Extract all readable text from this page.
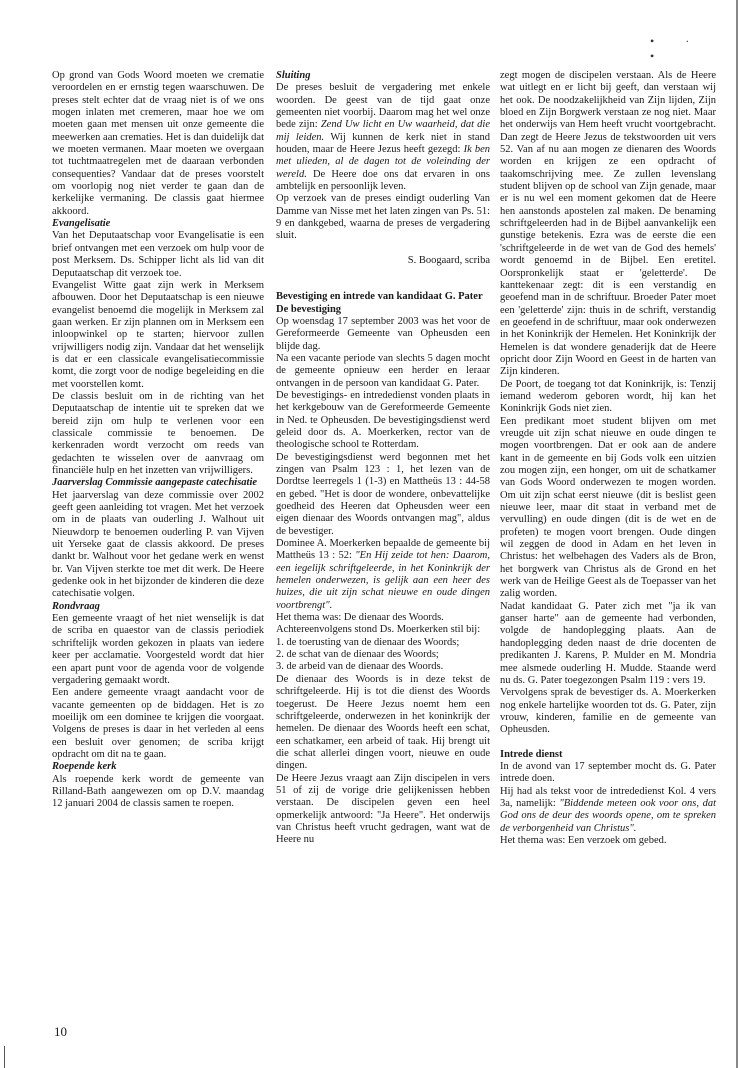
• · •

Op grond van Gods Woord moeten we crematie veroordelen en er ernstig tegen waarschuwen. De preses stelt echter dat de vraag niet is of we ons mogen inlaten met cremeren, maar hoe we om moeten gaan met mensen uit onze gemeente die meewerken aan crematies. Het is dan duidelijk dat we moeten vermanen. Maar moeten we overgaan tot tuchtmaatregelen met de daaraan verbonden consequenties? Vandaar dat de preses voorstelt om voorlopig nog niet verder te gaan dan de kerkelijke vermaning. De classis gaat hiermee akkoord.

Evangelisatie

Van het Deputaatschap voor Evangelisatie is een brief ontvangen met een verzoek om hulp voor de post Merksem. Ds. Schipper licht als lid van dit Deputaatschap dit verzoek toe.

Evangelist Witte gaat zijn werk in Merksem afbouwen. Door het Deputaatschap is een nieuwe evangelist benoemd die mogelijk in Merksem zal gaan werken. Er zijn plannen om in Merksem een inloopwinkel op te starten; hiervoor zullen vrijwilligers nodig zijn. Vandaar dat het wenselijk is dat er een classicale evangelisatiecommissie komt, die zorgt voor de nodige begeleiding en die met voorstellen komt.

De classis besluit om in de richting van het Deputaatschap de intentie uit te spreken dat we bereid zijn om hulp te verlenen voor een classicale commissie te benoemen. De kerkenraden wordt verzocht om reeds van gedachten te wisselen over de aanvraag om financiële hulp en het inzetten van vrijwilligers.

Jaarverslag Commissie aangepaste catechisatie

Het jaarverslag van deze commissie over 2002 geeft geen aanleiding tot vragen. Met het verzoek om in de plaats van ouderling J. Walhout uit Nieuwdorp te benoemen ouderling P. van Vijven uit Yerseke gaat de classis akkoord. De preses dankt br. Walhout voor het gedane werk en wenst br. Van Vijven sterkte toe met dit werk. De Heere gedenke ook in het bijzonder de kinderen die deze catechisatie volgen.

Rondvraag

Een gemeente vraagt of het niet wenselijk is dat de scriba en quaestor van de classis periodiek schriftelijk worden gekozen in plaats van iedere keer per acclamatie. Voorgesteld wordt dat hier een apart punt voor de agenda voor de volgende vergadering gemaakt wordt.

Een andere gemeente vraagt aandacht voor de vacante gemeenten op de biddagen. Het is zo moeilijk om een dominee te krijgen die voorgaat. Volgens de preses is daar in het verleden al eens een besluit over genomen; de scriba krijgt opdracht om dit na te gaan.

Roepende kerk

Als roepende kerk wordt de gemeente van Rilland-Bath aangewezen om op D.V. maandag 12 januari 2004 de classis samen te roepen.

Sluiting

De preses besluit de vergadering met enkele woorden. De geest van de tijd gaat onze gemeenten niet voorbij. Daarom mag het wel onze bede zijn: Zend Uw licht en Uw waarheid, dat die mij leiden. Wij kunnen de kerk niet in stand houden, maar de Heere Jezus heeft gezegd: Ik ben met ulieden, al de dagen tot de voleinding der wereld. De Heere doe ons dat ervaren in ons ambtelijk en persoonlijk leven.

Op verzoek van de preses eindigt ouderling Van Damme van Nisse met het laten zingen van Ps. 51: 9 en dankgebed, waarna de preses de vergadering sluit.

S. Boogaard, scriba

Bevestiging en intrede van kandidaat G. Pater

De bevestiging

Op woensdag 17 september 2003 was het voor de Gereformeerde Gemeente van Opheusden een blijde dag.

Na een vacante periode van slechts 5 dagen mocht de gemeente opnieuw een herder en leraar ontvangen in de persoon van kandidaat G. Pater.

De bevestigings- en intrededienst vonden plaats in het kerkgebouw van de Gereformeerde Gemeente in Ned. te Opheusden. De bevestigingsdienst werd geleid door ds. A. Moerkerken, rector van de theologische school te Rotterdam.

De bevestigingsdienst werd begonnen met het zingen van Psalm 123 : 1, het lezen van de Dordtse leerregels 1 (1-3) en Mattheüs 13 : 44-58 en gebed. "Het is door de wondere, onbevattelijke goedheid des Heeren dat Opheusden weer een eigen dienaar des Woords ontvangen mag", aldus de bevestiger.

Dominee A. Moerkerken bepaalde de gemeente bij Mattheüs 13 : 52: "En Hij zeide tot hen: Daarom, een iegelijk schriftgeleerde, in het Koninkrijk der hemelen onderwezen, is gelijk aan een heer des huizes, die uit zijn schat nieuwe en oude dingen voortbrengt".

Het thema was: De dienaar des Woords.

Achtereenvolgens stond Ds. Moerkerken stil bij:

1. de toerusting van de dienaar des Woords;

2. de schat van de dienaar des Woords;

3. de arbeid van de dienaar des Woords.

De dienaar des Woords is in deze tekst de schriftgeleerde. Hij is tot die dienst des Woords toegerust. De Heere Jezus noemt hem een schriftgeleerde, onderwezen in het koninkrijk der hemelen. De dienaar des Woords heeft een schat, een schatkamer, een arbeid of taak. Hij brengt uit die schat allerlei dingen voort, nieuwe en oude dingen.

De Heere Jezus vraagt aan Zijn discipelen in vers 51 of zij de vorige drie gelijkenissen hebben verstaan. De discipelen geven een heel opmerkelijk antwoord: "Ja Heere". Het onderwijs van Christus heeft vrucht gedragen, want wat de Heere nu

zegt mogen de discipelen verstaan. Als de Heere wat uitlegt en er licht bij geeft, dan verstaan wij het ook. De noodzakelijkheid van Zijn lijden, Zijn bloed en Zijn Borgwerk verstaan ze nog niet. Maar het onderwijs van Hem heeft vrucht voortgebracht. Dan zegt de Heere Jezus de tekstwoorden uit vers 52. Van af nu aan mogen ze dienaren des Woords worden en krijgen ze een opdracht of taakomschrijving mee. Ze zullen levenslang student blijven op de school van Zijn genade, maar er is nu wel een moment gekomen dat de Heere hen aanstonds apostelen zal maken. De benaming schriftgeleerden had in de Bijbel aanvankelijk een gunstige betekenis. Ezra was de eerste die een 'schriftgeleerde in de wet van de God des hemels' wordt genoemd in de Bijbel. Een eretitel. Oorspronkelijk staat er 'geletterde'. De kanttekenaar zegt: dit is een verstandig en geoefend man in de schriftuur. Broeder Pater moet een 'geletterde' zijn: thuis in de schrift, verstandig en geoefend in de schriftuur, maar ook onderwezen in het Koninkrijk der Hemelen. Het Koninkrijk der Hemelen is dat wondere genaderijk dat de Heere opricht door Zijn Woord en Geest in de harten van Zijn kinderen.

De Poort, de toegang tot dat Koninkrijk, is: Tenzij iemand wederom geboren wordt, hij kan het Koninkrijk Gods niet zien.

Een predikant moet student blijven om met vreugde uit zijn schat nieuwe en oude dingen te mogen voortbrengen. Dat er ook aan de andere kant in de gemeente en bij Gods volk een uitzien zou mogen zijn, een honger, om uit de schatkamer van Gods Woord onderwezen te mogen worden. Om uit zijn schat eerst nieuwe (dit is beslist geen nieuwe leer, maar dit staat in verband met de vervulling) en oude dingen (dit is de wet en de profeten) te mogen voort brengen. Oude dingen wil zeggen de dood in Adam en het leven in Christus: het welbehagen des Vaders als de Bron, het borgwerk van Christus als de Grond en het werk van de Heilige Geest als de Toepasser van het zalig worden.

Nadat kandidaat G. Pater zich met "ja ik van ganser harte" aan de gemeente had verbonden, volgde de handoplegging plaats. Aan de handoplegging deden naast de drie docenten de predikanten J. Karens, P. Mulder en M. Mondria mee alsmede ouderling H. Mudde. Staande werd nu ds. G. Pater toegezongen Psalm 119 : vers 19.

Vervolgens sprak de bevestiger ds. A. Moerkerken nog enkele hartelijke woorden tot ds. G. Pater, zijn vrouw, kinderen, familie en de gemeente van Opheusden.

Intrede dienst

In de avond van 17 september mocht ds. G. Pater intrede doen.

Hij had als tekst voor de intrededienst Kol. 4 vers 3a, namelijk: "Biddende meteen ook voor ons, dat God ons de deur des woords opene, om te spreken de verborgenheid van Christus".

Het thema was: Een verzoek om gebed.

10
